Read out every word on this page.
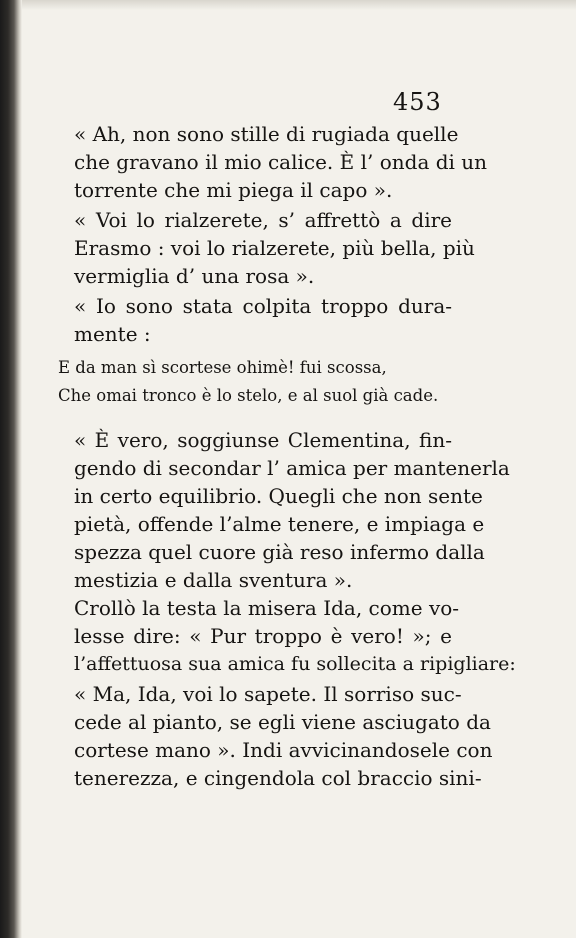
453

« Ah, non sono stille di rugiada quelle
che gravano il mio calice. È l’ onda di un
torrente che mi piega il capo ».
« Voi lo rialzerete, s’ affrettò a dire
Erasmo : voi lo rialzerete, più bella, più
vermiglia d’ una rosa ».
« Io sono stata colpita troppo dura-
mente :
E da man sì scortese ohimè! fui scossa,
Che omai tronco è lo stelo, e al suol già cade.
« È vero, soggiunse Clementina, fin-
gendo di secondar l’ amica per mantenerla
in certo equilibrio. Quegli che non sente
pietà, offende l’alme tenere, e impiaga e
spezza quel cuore già reso infermo dalla
mestizia e dalla sventura ».
Crollò la testa la misera Ida, come vo-
lesse dire: « Pur troppo è vero! »; e
l’affettuosa sua amica fu sollecita a ripigliare:
« Ma, Ida, voi lo sapete. Il sorriso suc-
cede al pianto, se egli viene asciugato da
cortese mano ». Indi avvicinandosele con
tenerezza, e cingendola col braccio sini-
